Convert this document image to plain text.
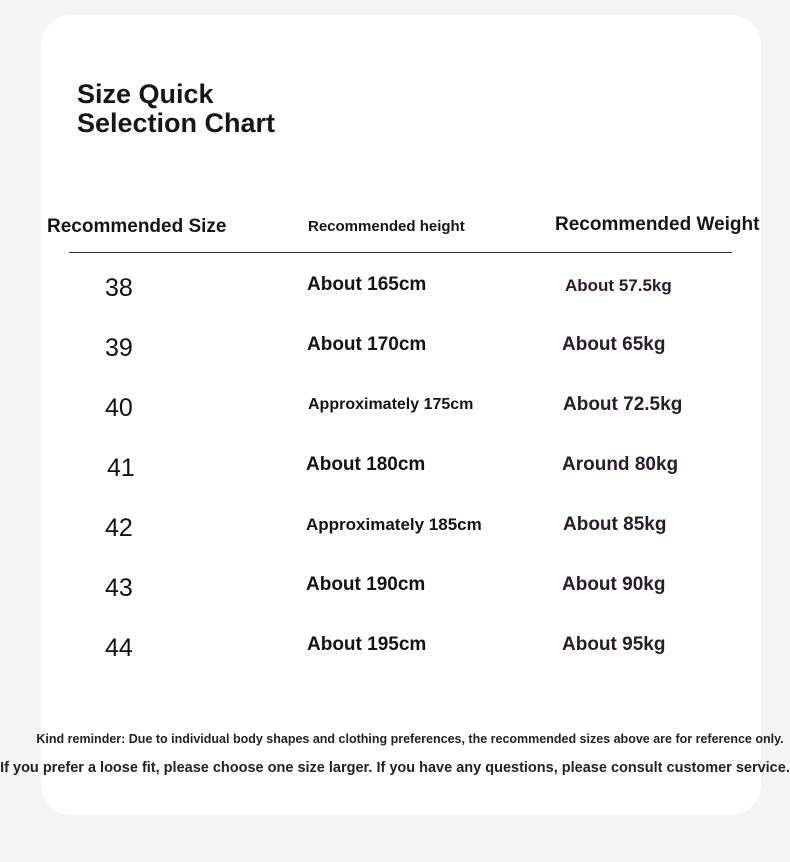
Size Quick Selection Chart
Recommended Size	Recommended height	Recommended Weight
38	About 165cm	About 57.5kg
39	About 170cm	About 65kg
40	Approximately 175cm	About 72.5kg
41	About 180cm	Around 80kg
42	Approximately 185cm	About 85kg
43	About 190cm	About 90kg
44	About 195cm	About 95kg
Kind reminder: Due to individual body shapes and clothing preferences, the recommended sizes above are for reference only.
If you prefer a loose fit, please choose one size larger. If you have any questions, please consult customer service.
